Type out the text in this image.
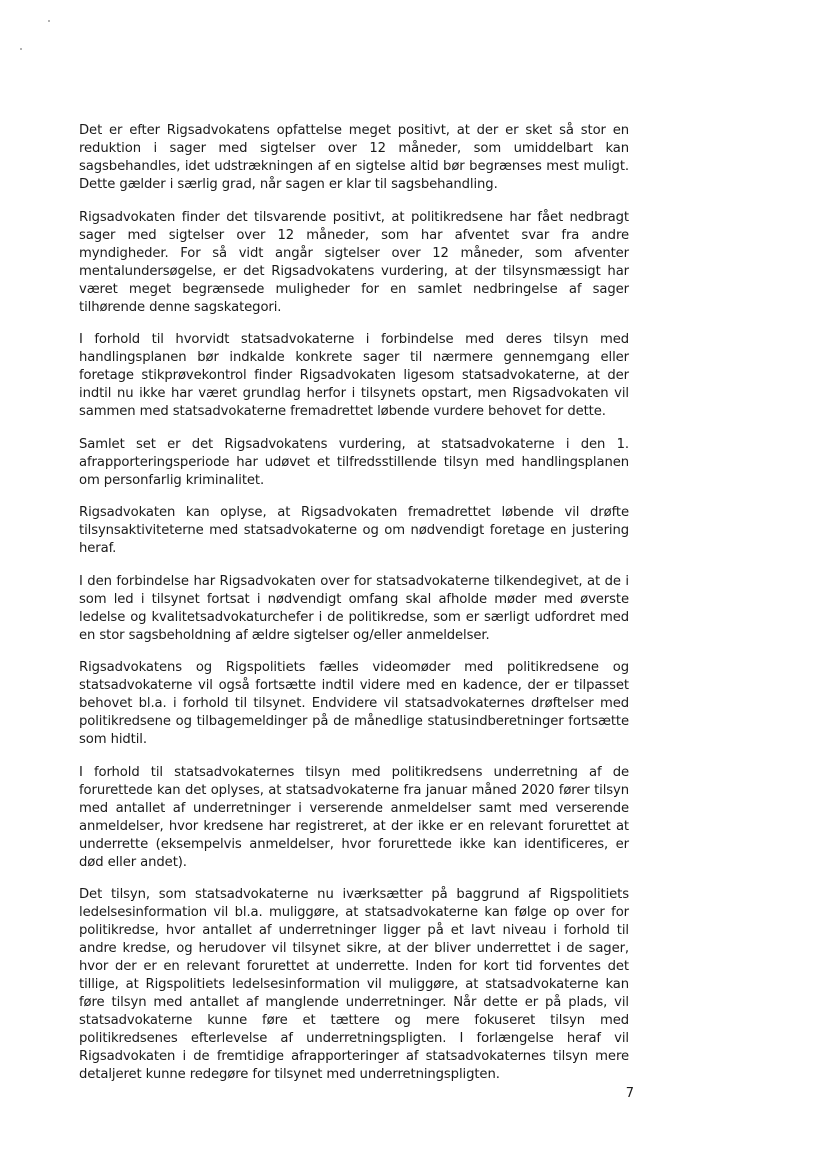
Det er efter Rigsadvokatens opfattelse meget positivt, at der er sket så stor en reduktion i sager med sigtelser over 12 måneder, som umiddelbart kan sagsbehandles, idet udstrækningen af en sigtelse altid bør begrænses mest muligt. Dette gælder i særlig grad, når sagen er klar til sagsbehandling.

Rigsadvokaten finder det tilsvarende positivt, at politikredsene har fået nedbragt sager med sigtelser over 12 måneder, som har afventet svar fra andre myndigheder. For så vidt angår sigtelser over 12 måneder, som afventer mentalundersøgelse, er det Rigsadvokatens vurdering, at der tilsynsmæssigt har været meget begrænsede muligheder for en samlet nedbringelse af sager tilhørende denne sagskategori.

I forhold til hvorvidt statsadvokaterne i forbindelse med deres tilsyn med handlingsplanen bør indkalde konkrete sager til nærmere gennemgang eller foretage stikprøvekontrol finder Rigsadvokaten ligesom statsadvokaterne, at der indtil nu ikke har været grundlag herfor i tilsynets opstart, men Rigsadvokaten vil sammen med statsadvokaterne fremadrettet løbende vurdere behovet for dette.

Samlet set er det Rigsadvokatens vurdering, at statsadvokaterne i den 1. afrapporteringsperiode har udøvet et tilfredsstillende tilsyn med handlingsplanen om personfarlig kriminalitet.

Rigsadvokaten kan oplyse, at Rigsadvokaten fremadrettet løbende vil drøfte tilsynsaktiviteterne med statsadvokaterne og om nødvendigt foretage en justering heraf.

I den forbindelse har Rigsadvokaten over for statsadvokaterne tilkendegivet, at de i som led i tilsynet fortsat i nødvendigt omfang skal afholde møder med øverste ledelse og kvalitetsadvokaturchefer i de politikredse, som er særligt udfordret med en stor sagsbeholdning af ældre sigtelser og/eller anmeldelser.

Rigsadvokatens og Rigspolitiets fælles videomøder med politikredsene og statsadvokaterne vil også fortsætte indtil videre med en kadence, der er tilpasset behovet bl.a. i forhold til tilsynet. Endvidere vil statsadvokaternes drøftelser med politikredsene og tilbagemeldinger på de månedlige statusindberetninger fortsætte som hidtil.

I forhold til statsadvokaternes tilsyn med politikredsens underretning af de forurettede kan det oplyses, at statsadvokaterne fra januar måned 2020 fører tilsyn med antallet af underretninger i verserende anmeldelser samt med verserende anmeldelser, hvor kredsene har registreret, at der ikke er en relevant forurettet at underrette (eksempelvis anmeldelser, hvor forurettede ikke kan identificeres, er død eller andet).

Det tilsyn, som statsadvokaterne nu iværksætter på baggrund af Rigspolitiets ledelsesinformation vil bl.a. muliggøre, at statsadvokaterne kan følge op over for politikredse, hvor antallet af underretninger ligger på et lavt niveau i forhold til andre kredse, og herudover vil tilsynet sikre, at der bliver underrettet i de sager, hvor der er en relevant forurettet at underrette. Inden for kort tid forventes det tillige, at Rigspolitiets ledelsesinformation vil muliggøre, at statsadvokaterne kan føre tilsyn med antallet af manglende underretninger. Når dette er på plads, vil statsadvokaterne kunne føre et tættere og mere fokuseret tilsyn med politikredsenes efterlevelse af underretningspligten. I forlængelse heraf vil Rigsadvokaten i de fremtidige afrapporteringer af statsadvokaternes tilsyn mere detaljeret kunne redegøre for tilsynet med underretningspligten.

7
